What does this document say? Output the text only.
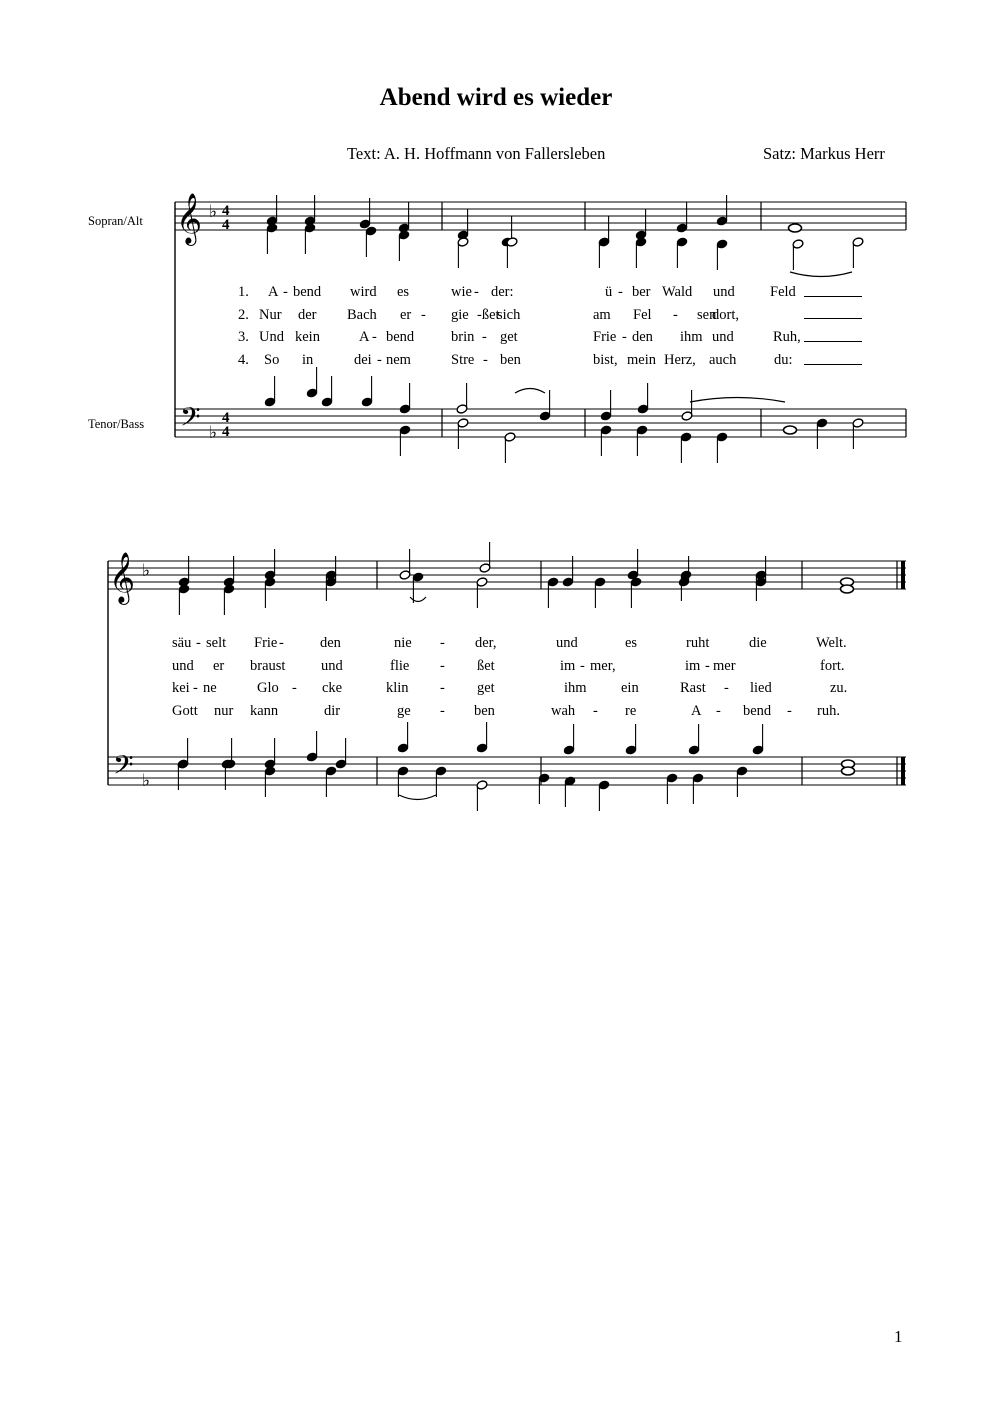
Abend wird es wieder
Text: A. H. Hoffmann von Fallersleben	Satz: Markus Herr
Sopran/Alt
Tenor/Bass
1. A - bend wird es	wie - der:	ü - ber Wald und Feld
2. Nur der Bach er - gie -ßet
sich	am Fel - sen
dort,
3. Und kein	A - bend	brin - get	Frie - den ihm und	Ruh,
4. So in	dei - nem	Stre - ben	bist, mein Herz, auch	du:
säu - selt Frie - den	nie - der,	und	es	ruht	die	Welt.
und er braust und	flie - ßet	im - mer,	im - mer	fort.
kei - ne	Glo - cke	klin - get	ihm ein	Rast - lied	zu.
Gott nur kann	dir	ge - ben	wah - re	A - bend - ruh.
1
𝄞
𝄢
♭
♭
4
4
4
4
𝄞
𝄢
♭
♭
